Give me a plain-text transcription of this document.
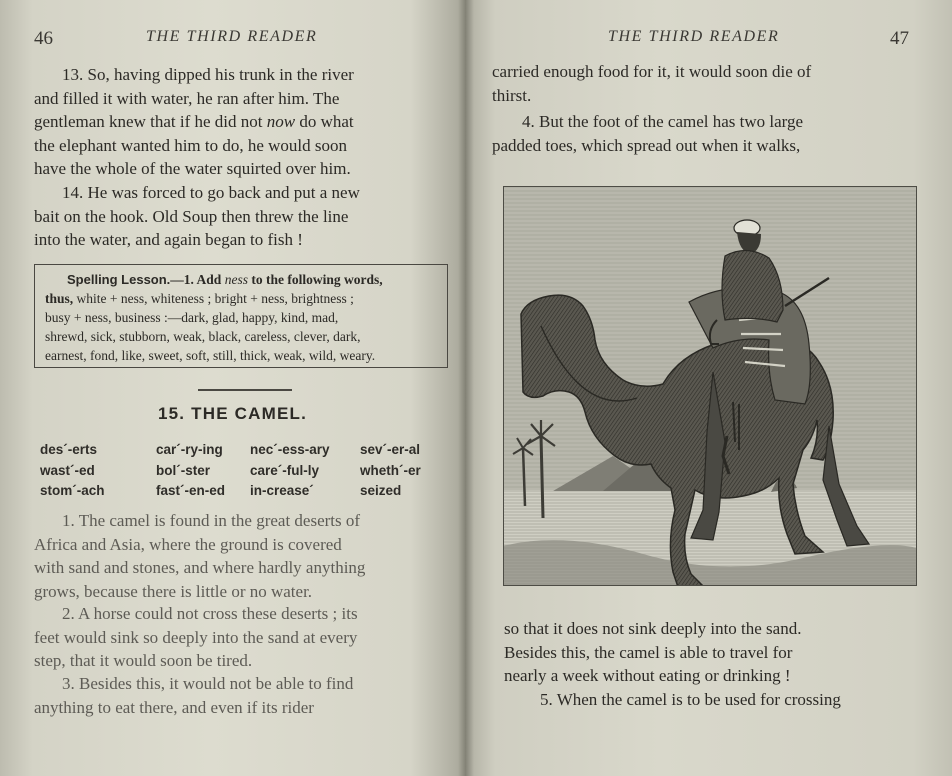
46	THE THIRD READER
13. So, having dipped his trunk in the river
and filled it with water, he ran after him. The
gentleman knew that if he did not now do what
the elephant wanted him to do, he would soon
have the whole of the water squirted over him.
14. He was forced to go back and put a new
bait on the hook. Old Soup then threw the line
into the water, and again began to fish !
Spelling Lesson.—1. Add ness to the following words,
thus, white + ness, whiteness ; bright + ness, brightness ;
busy + ness, business :—dark, glad, happy, kind, mad,
shrewd, sick, stubborn, weak, black, careless, clever, dark,
earnest, fond, like, sweet, soft, still, thick, weak, wild, weary.
15. THE CAMEL.
des´-erts	car´-ry-ing	nec´-ess-ary	sev´-er-al
wast´-ed	bol´-ster	care´-ful-ly	wheth´-er
stom´-ach	fast´-en-ed	in-crease´	seized
1. The camel is found in the great deserts of
Africa and Asia, where the ground is covered
with sand and stones, and where hardly anything
grows, because there is little or no water.
2. A horse could not cross these deserts ; its
feet would sink so deeply into the sand at every
step, that it would soon be tired.
3. Besides this, it would not be able to find
anything to eat there, and even if its rider
THE THIRD READER	47
carried enough food for it, it would soon die of
thirst.
4. But the foot of the camel has two large
padded toes, which spread out when it walks,
so that it does not sink deeply into the sand.
Besides this, the camel is able to travel for
nearly a week without eating or drinking !
5. When the camel is to be used for crossing
